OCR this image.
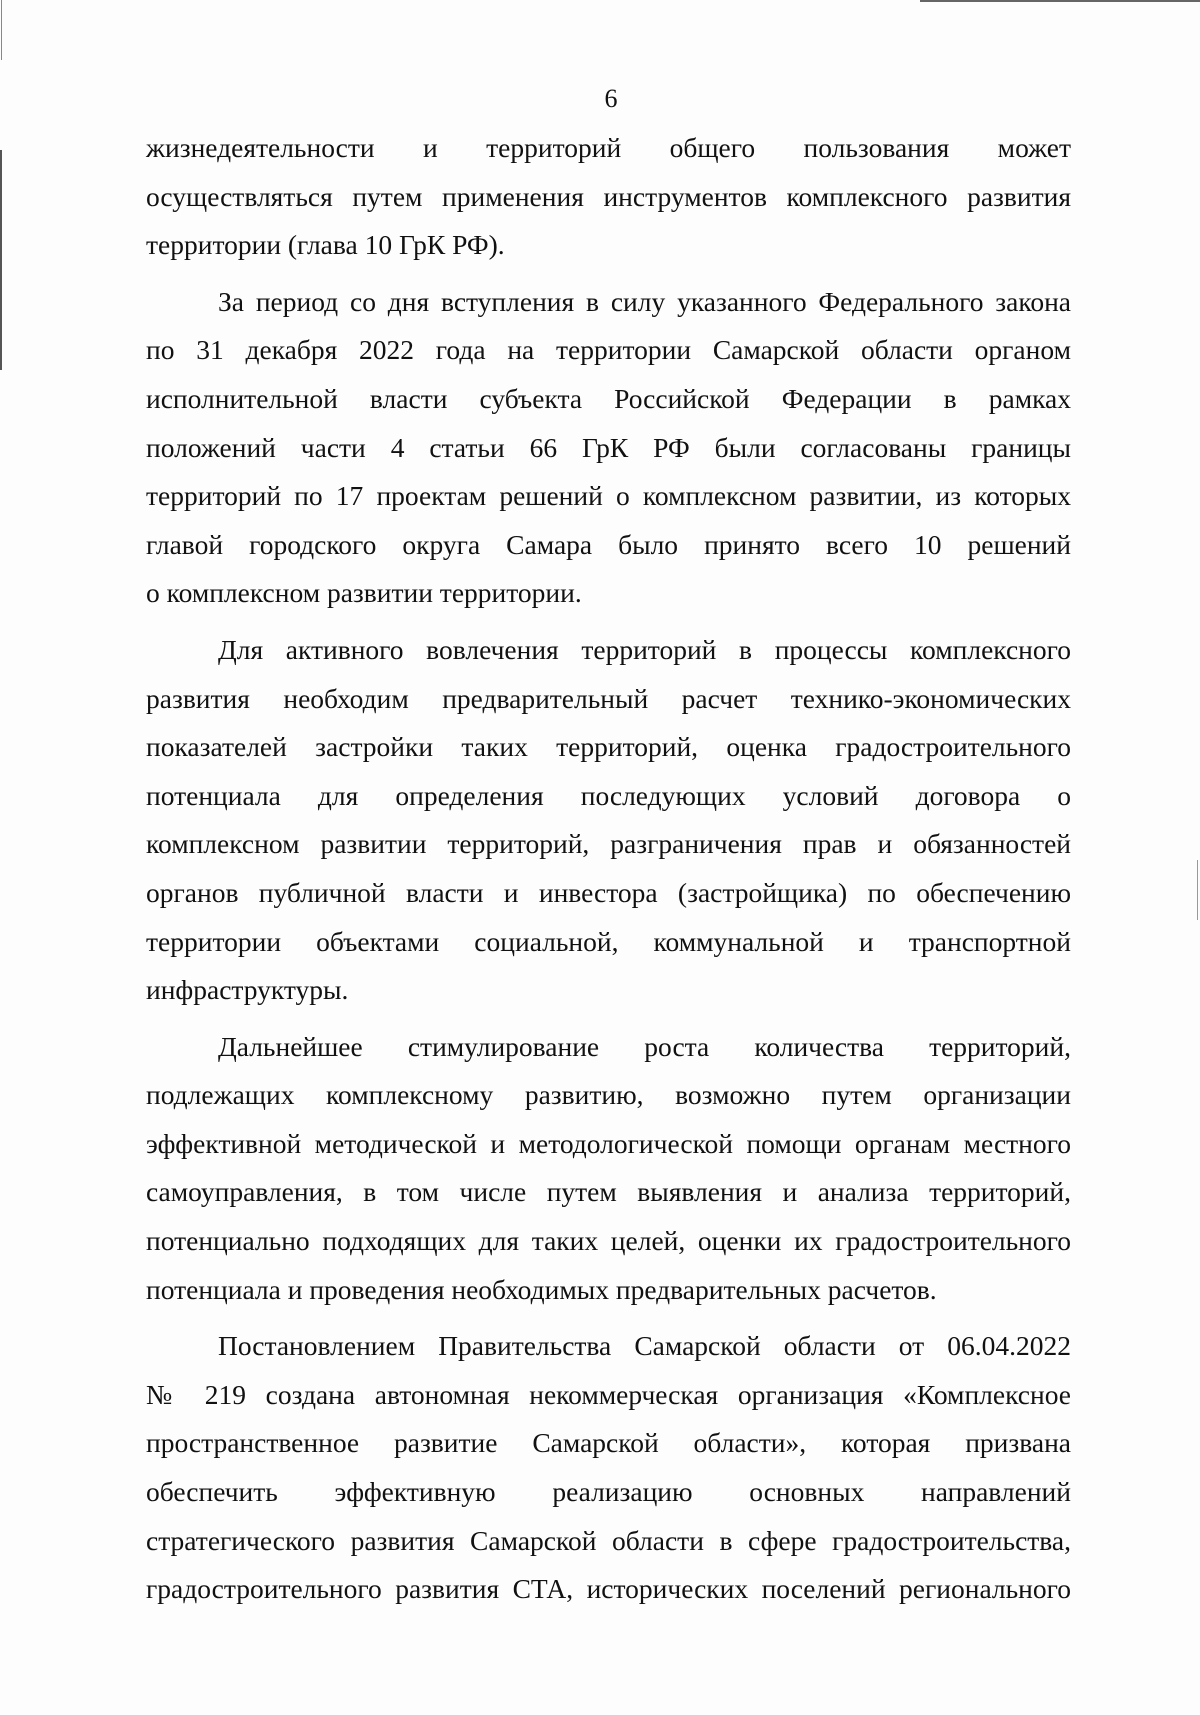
6
жизнедеятельности и территорий общего пользования может
осуществляться путем применения инструментов комплексного развития
территории (глава 10 ГрК РФ).
За период со дня вступления в силу указанного Федерального закона
по 31 декабря 2022 года на территории Самарской области органом
исполнительной власти субъекта Российской Федерации в рамках
положений части 4 статьи 66 ГрК РФ были согласованы границы
территорий по 17 проектам решений о комплексном развитии, из которых
главой городского округа Самара было принято всего 10 решений
о комплексном развитии территории.
Для активного вовлечения территорий в процессы комплексного
развития необходим предварительный расчет технико-экономических
показателей застройки таких территорий, оценка градостроительного
потенциала для определения последующих условий договора о
комплексном развитии территорий, разграничения прав и обязанностей
органов публичной власти и инвестора (застройщика) по обеспечению
территории объектами социальной, коммунальной и транспортной
инфраструктуры.
Дальнейшее стимулирование роста количества территорий,
подлежащих комплексному развитию, возможно путем организации
эффективной методической и методологической помощи органам местного
самоуправления, в том числе путем выявления и анализа территорий,
потенциально подходящих для таких целей, оценки их градостроительного
потенциала и проведения необходимых предварительных расчетов.
Постановлением Правительства Самарской области от 06.04.2022
№ 219 создана автономная некоммерческая организация «Комплексное
пространственное развитие Самарской области», которая призвана
обеспечить эффективную реализацию основных направлений
стратегического развития Самарской области в сфере градостроительства,
градостроительного развития СТА, исторических поселений регионального
